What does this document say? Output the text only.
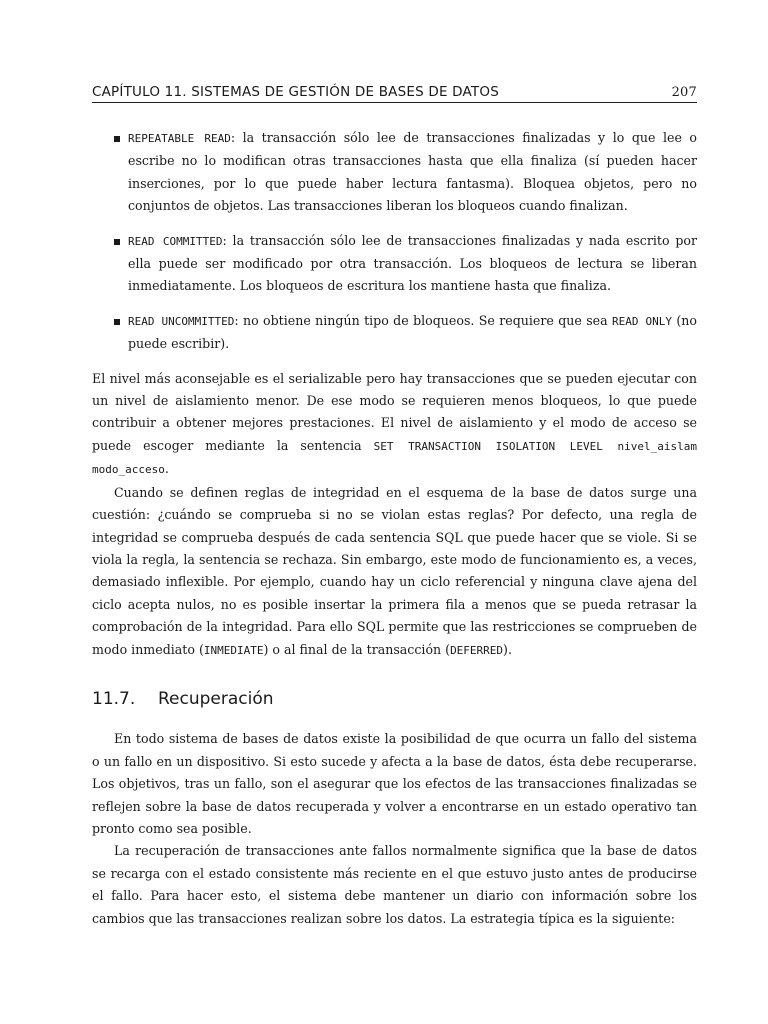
CAPÍTULO 11. SISTEMAS DE GESTIÓN DE BASES DE DATOS	207
REPEATABLE READ: la transacción sólo lee de transacciones finalizadas y lo que lee o escribe no lo modifican otras transacciones hasta que ella finaliza (sí pueden hacer inserciones, por lo que puede haber lectura fantasma). Bloquea objetos, pero no conjuntos de objetos. Las transacciones liberan los bloqueos cuando finalizan.
READ COMMITTED: la transacción sólo lee de transacciones finalizadas y nada escrito por ella puede ser modificado por otra transacción. Los bloqueos de lectura se liberan inmediatamente. Los bloqueos de escritura los mantiene hasta que finaliza.
READ UNCOMMITTED: no obtiene ningún tipo de bloqueos. Se requiere que sea READ ONLY (no puede escribir).

El nivel más aconsejable es el serializable pero hay transacciones que se pueden ejecutar con un nivel de aislamiento menor. De ese modo se requieren menos bloqueos, lo que puede contribuir a obtener mejores prestaciones. El nivel de aislamiento y el modo de acceso se puede escoger mediante la sentencia SET TRANSACTION ISOLATION LEVEL nivel_aislam modo_acceso.

Cuando se definen reglas de integridad en el esquema de la base de datos surge una cuestión: ¿cuándo se comprueba si no se violan estas reglas? Por defecto, una regla de integridad se comprueba después de cada sentencia SQL que puede hacer que se viole. Si se viola la regla, la sentencia se rechaza. Sin embargo, este modo de funcionamiento es, a veces, demasiado inflexible. Por ejemplo, cuando hay un ciclo referencial y ninguna clave ajena del ciclo acepta nulos, no es posible insertar la primera fila a menos que se pueda retrasar la comprobación de la integridad. Para ello SQL permite que las restricciones se comprueben de modo inmediato (INMEDIATE) o al final de la transacción (DEFERRED).

11.7. Recuperación

En todo sistema de bases de datos existe la posibilidad de que ocurra un fallo del sistema o un fallo en un dispositivo. Si esto sucede y afecta a la base de datos, ésta debe recuperarse. Los objetivos, tras un fallo, son el asegurar que los efectos de las transacciones finalizadas se reflejen sobre la base de datos recuperada y volver a encontrarse en un estado operativo tan pronto como sea posible.

La recuperación de transacciones ante fallos normalmente significa que la base de datos se recarga con el estado consistente más reciente en el que estuvo justo antes de producirse el fallo. Para hacer esto, el sistema debe mantener un diario con información sobre los cambios que las transacciones realizan sobre los datos. La estrategia típica es la siguiente:
